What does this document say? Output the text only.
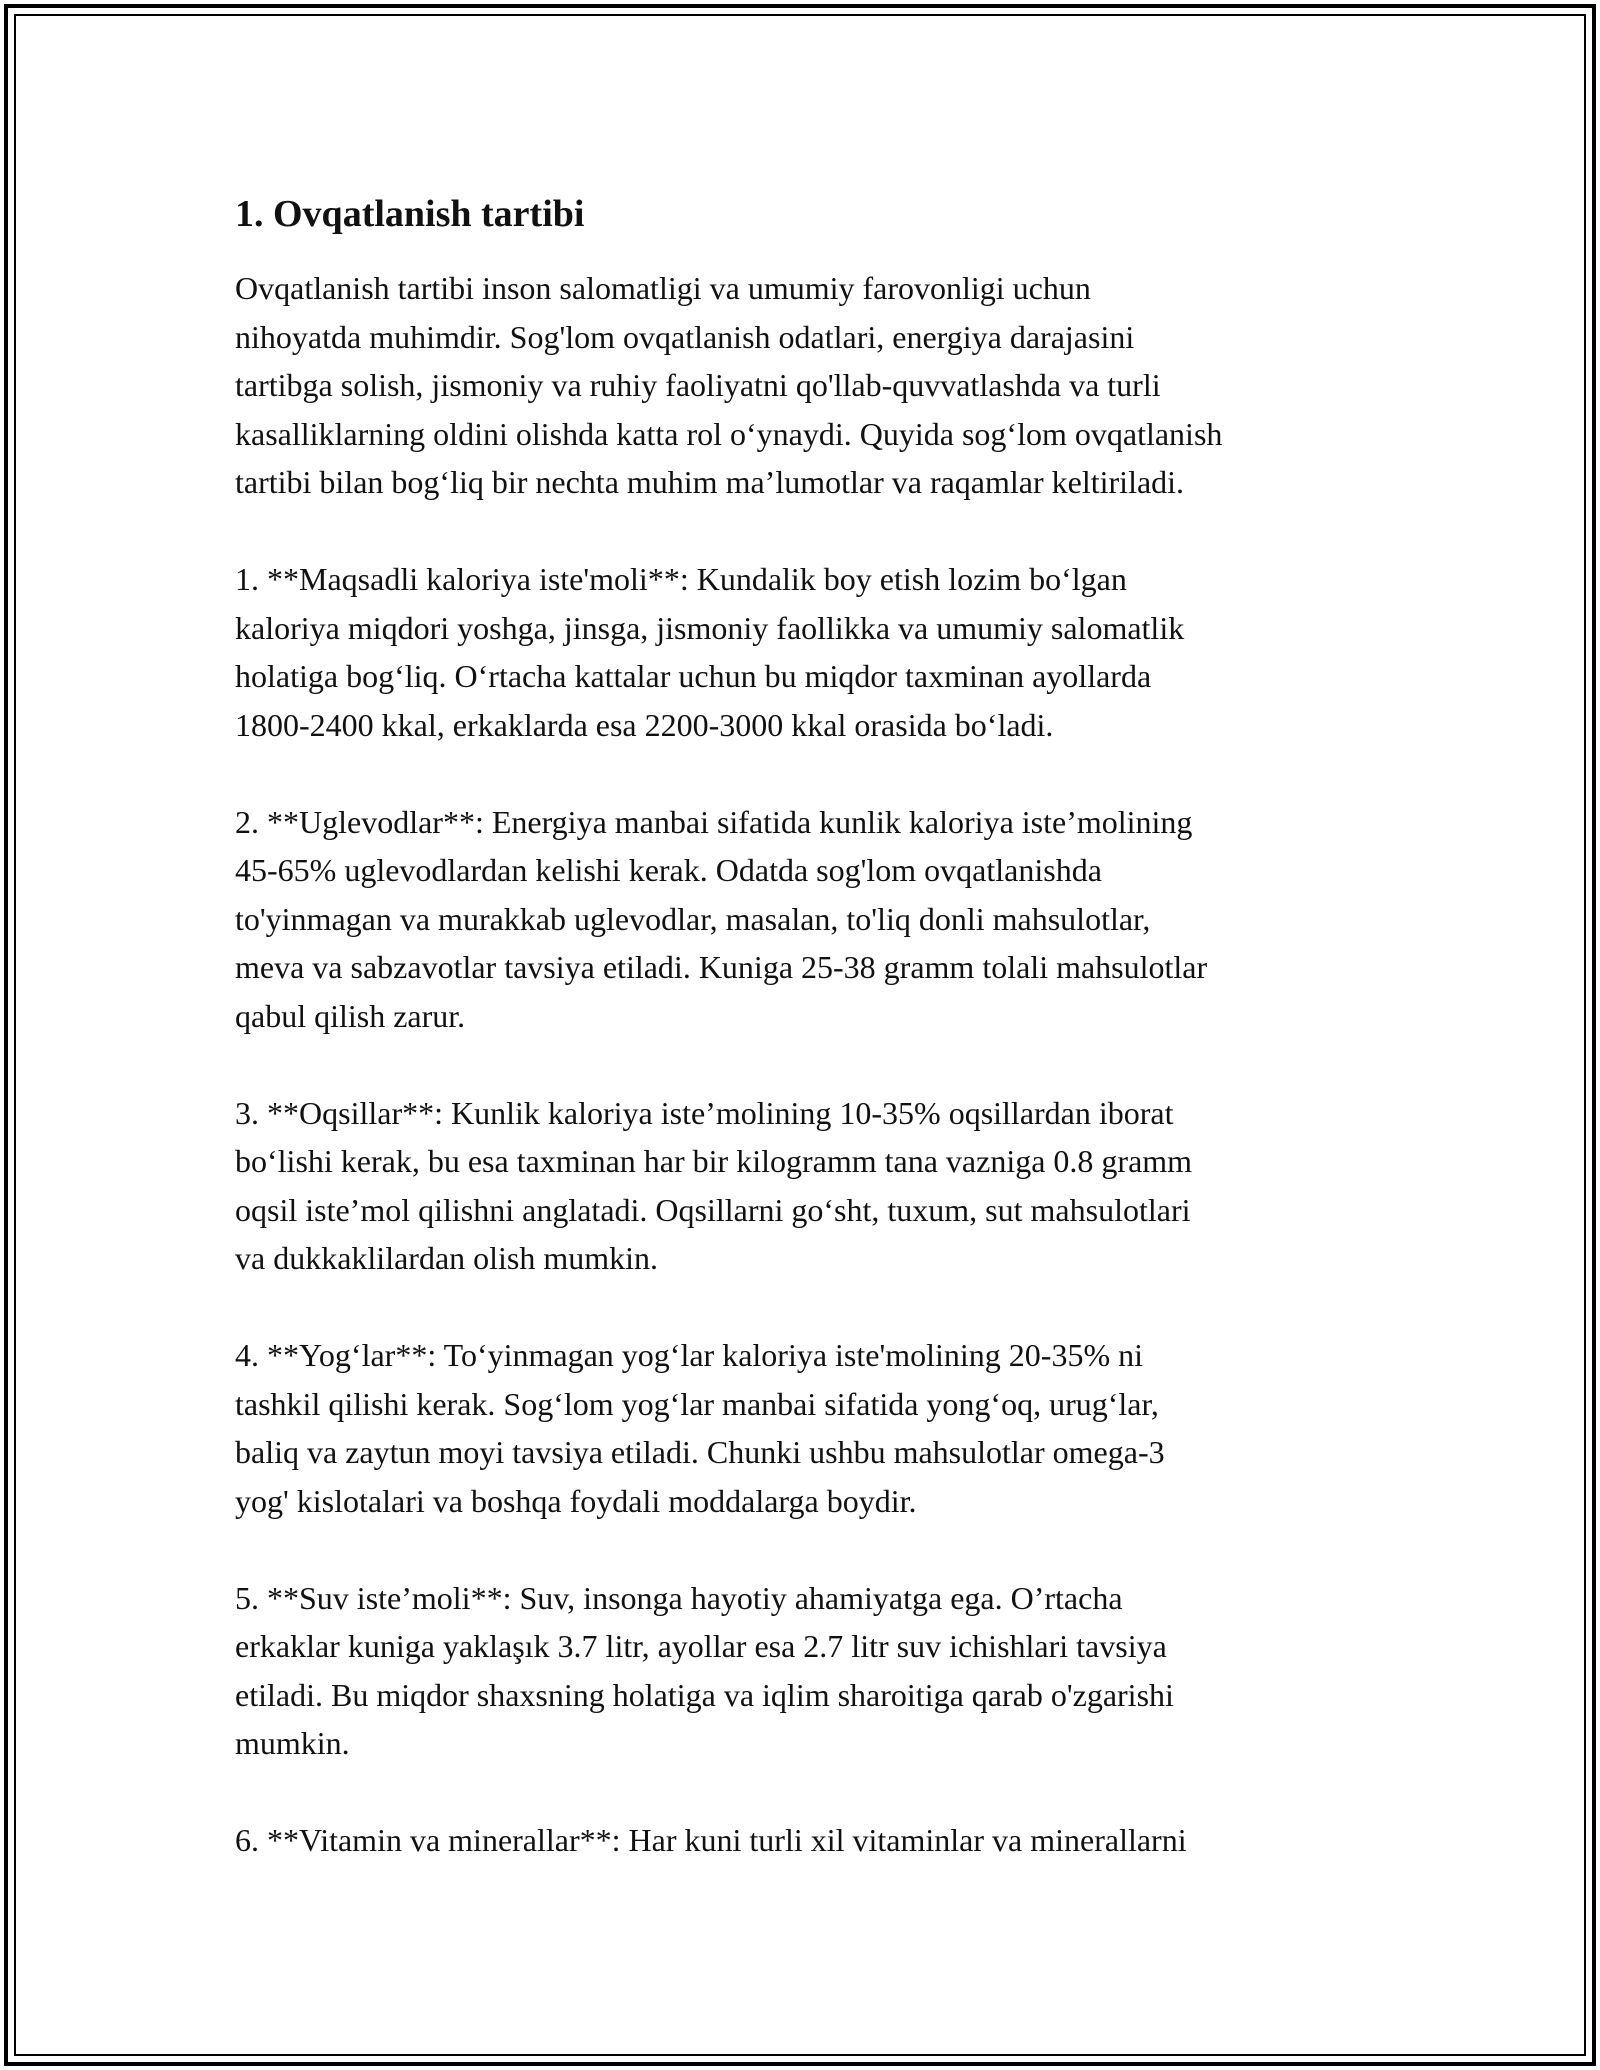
1. Ovqatlanish tartibi

Ovqatlanish tartibi inson salomatligi va umumiy farovonligi uchun
nihoyatda muhimdir. Sog'lom ovqatlanish odatlari, energiya darajasini
tartibga solish, jismoniy va ruhiy faoliyatni qo'llab-quvvatlashda va turli
kasalliklarning oldini olishda katta rol o‘ynaydi. Quyida sog‘lom ovqatlanish
tartibi bilan bog‘liq bir nechta muhim ma’lumotlar va raqamlar keltiriladi.

1. **Maqsadli kaloriya iste'moli**: Kundalik boy etish lozim bo‘lgan
kaloriya miqdori yoshga, jinsga, jismoniy faollikka va umumiy salomatlik
holatiga bog‘liq. O‘rtacha kattalar uchun bu miqdor taxminan ayollarda
1800-2400 kkal, erkaklarda esa 2200-3000 kkal orasida bo‘ladi.

2. **Uglevodlar**: Energiya manbai sifatida kunlik kaloriya iste’molining
45-65% uglevodlardan kelishi kerak. Odatda sog'lom ovqatlanishda
to'yinmagan va murakkab uglevodlar, masalan, to'liq donli mahsulotlar,
meva va sabzavotlar tavsiya etiladi. Kuniga 25-38 gramm tolali mahsulotlar
qabul qilish zarur.

3. **Oqsillar**: Kunlik kaloriya iste’molining 10-35% oqsillardan iborat
bo‘lishi kerak, bu esa taxminan har bir kilogramm tana vazniga 0.8 gramm
oqsil iste’mol qilishni anglatadi. Oqsillarni go‘sht, tuxum, sut mahsulotlari
va dukkaklilardan olish mumkin.

4. **Yog‘lar**: To‘yinmagan yog‘lar kaloriya iste'molining 20-35% ni
tashkil qilishi kerak. Sog‘lom yog‘lar manbai sifatida yong‘oq, urug‘lar,
baliq va zaytun moyi tavsiya etiladi. Chunki ushbu mahsulotlar omega-3
yog' kislotalari va boshqa foydali moddalarga boydir.

5. **Suv iste’moli**: Suv, insonga hayotiy ahamiyatga ega. O’rtacha
erkaklar kuniga yaklaşık 3.7 litr, ayollar esa 2.7 litr suv ichishlari tavsiya
etiladi. Bu miqdor shaxsning holatiga va iqlim sharoitiga qarab o'zgarishi
mumkin.

6. **Vitamin va minerallar**: Har kuni turli xil vitaminlar va minerallarni
